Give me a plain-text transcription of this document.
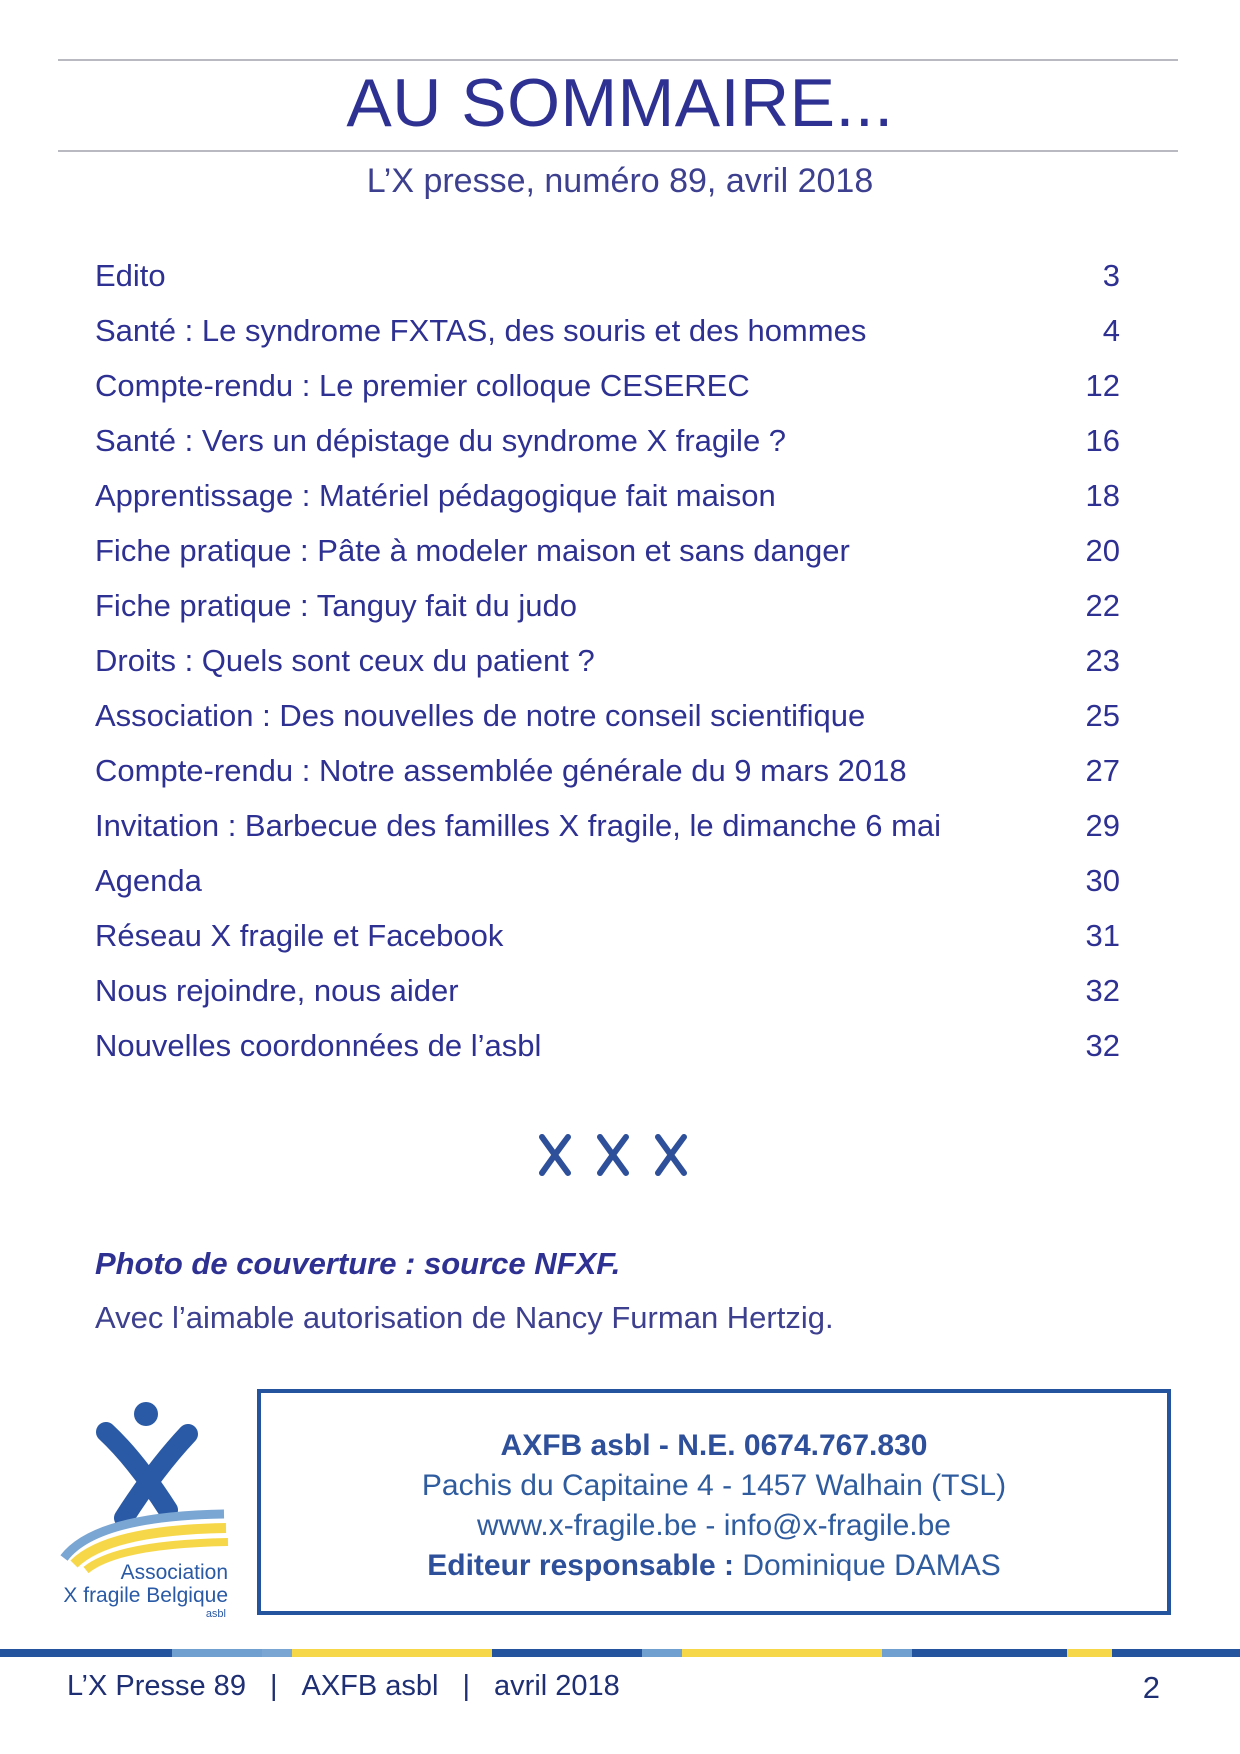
AU SOMMAIRE...
L’X presse, numéro 89, avril 2018
Edito	3
Santé : Le syndrome FXTAS, des souris et des hommes	4
Compte-rendu : Le premier colloque CESEREC	12
Santé : Vers un dépistage du syndrome X fragile ?	16
Apprentissage : Matériel pédagogique fait maison	18
Fiche pratique : Pâte à modeler maison et sans danger	20
Fiche pratique : Tanguy fait du judo	22
Droits : Quels sont ceux du patient ?	23
Association : Des nouvelles de notre conseil scientifique	25
Compte-rendu : Notre assemblée générale du 9 mars 2018	27
Invitation : Barbecue des familles X fragile, le dimanche 6 mai	29
Agenda	30
Réseau X fragile et Facebook	31
Nous rejoindre, nous aider	32
Nouvelles coordonnées de l’asbl	32
Photo de couverture : source NFXF.
Avec l’aimable autorisation de Nancy Furman Hertzig.
Association
X fragile Belgique
asbl
AXFB asbl - N.E. 0674.767.830
Pachis du Capitaine 4 - 1457 Walhain (TSL)
www.x-fragile.be - info@x-fragile.be
Editeur responsable : Dominique DAMAS
L’X Presse 89 | AXFB asbl | avril 2018	2
